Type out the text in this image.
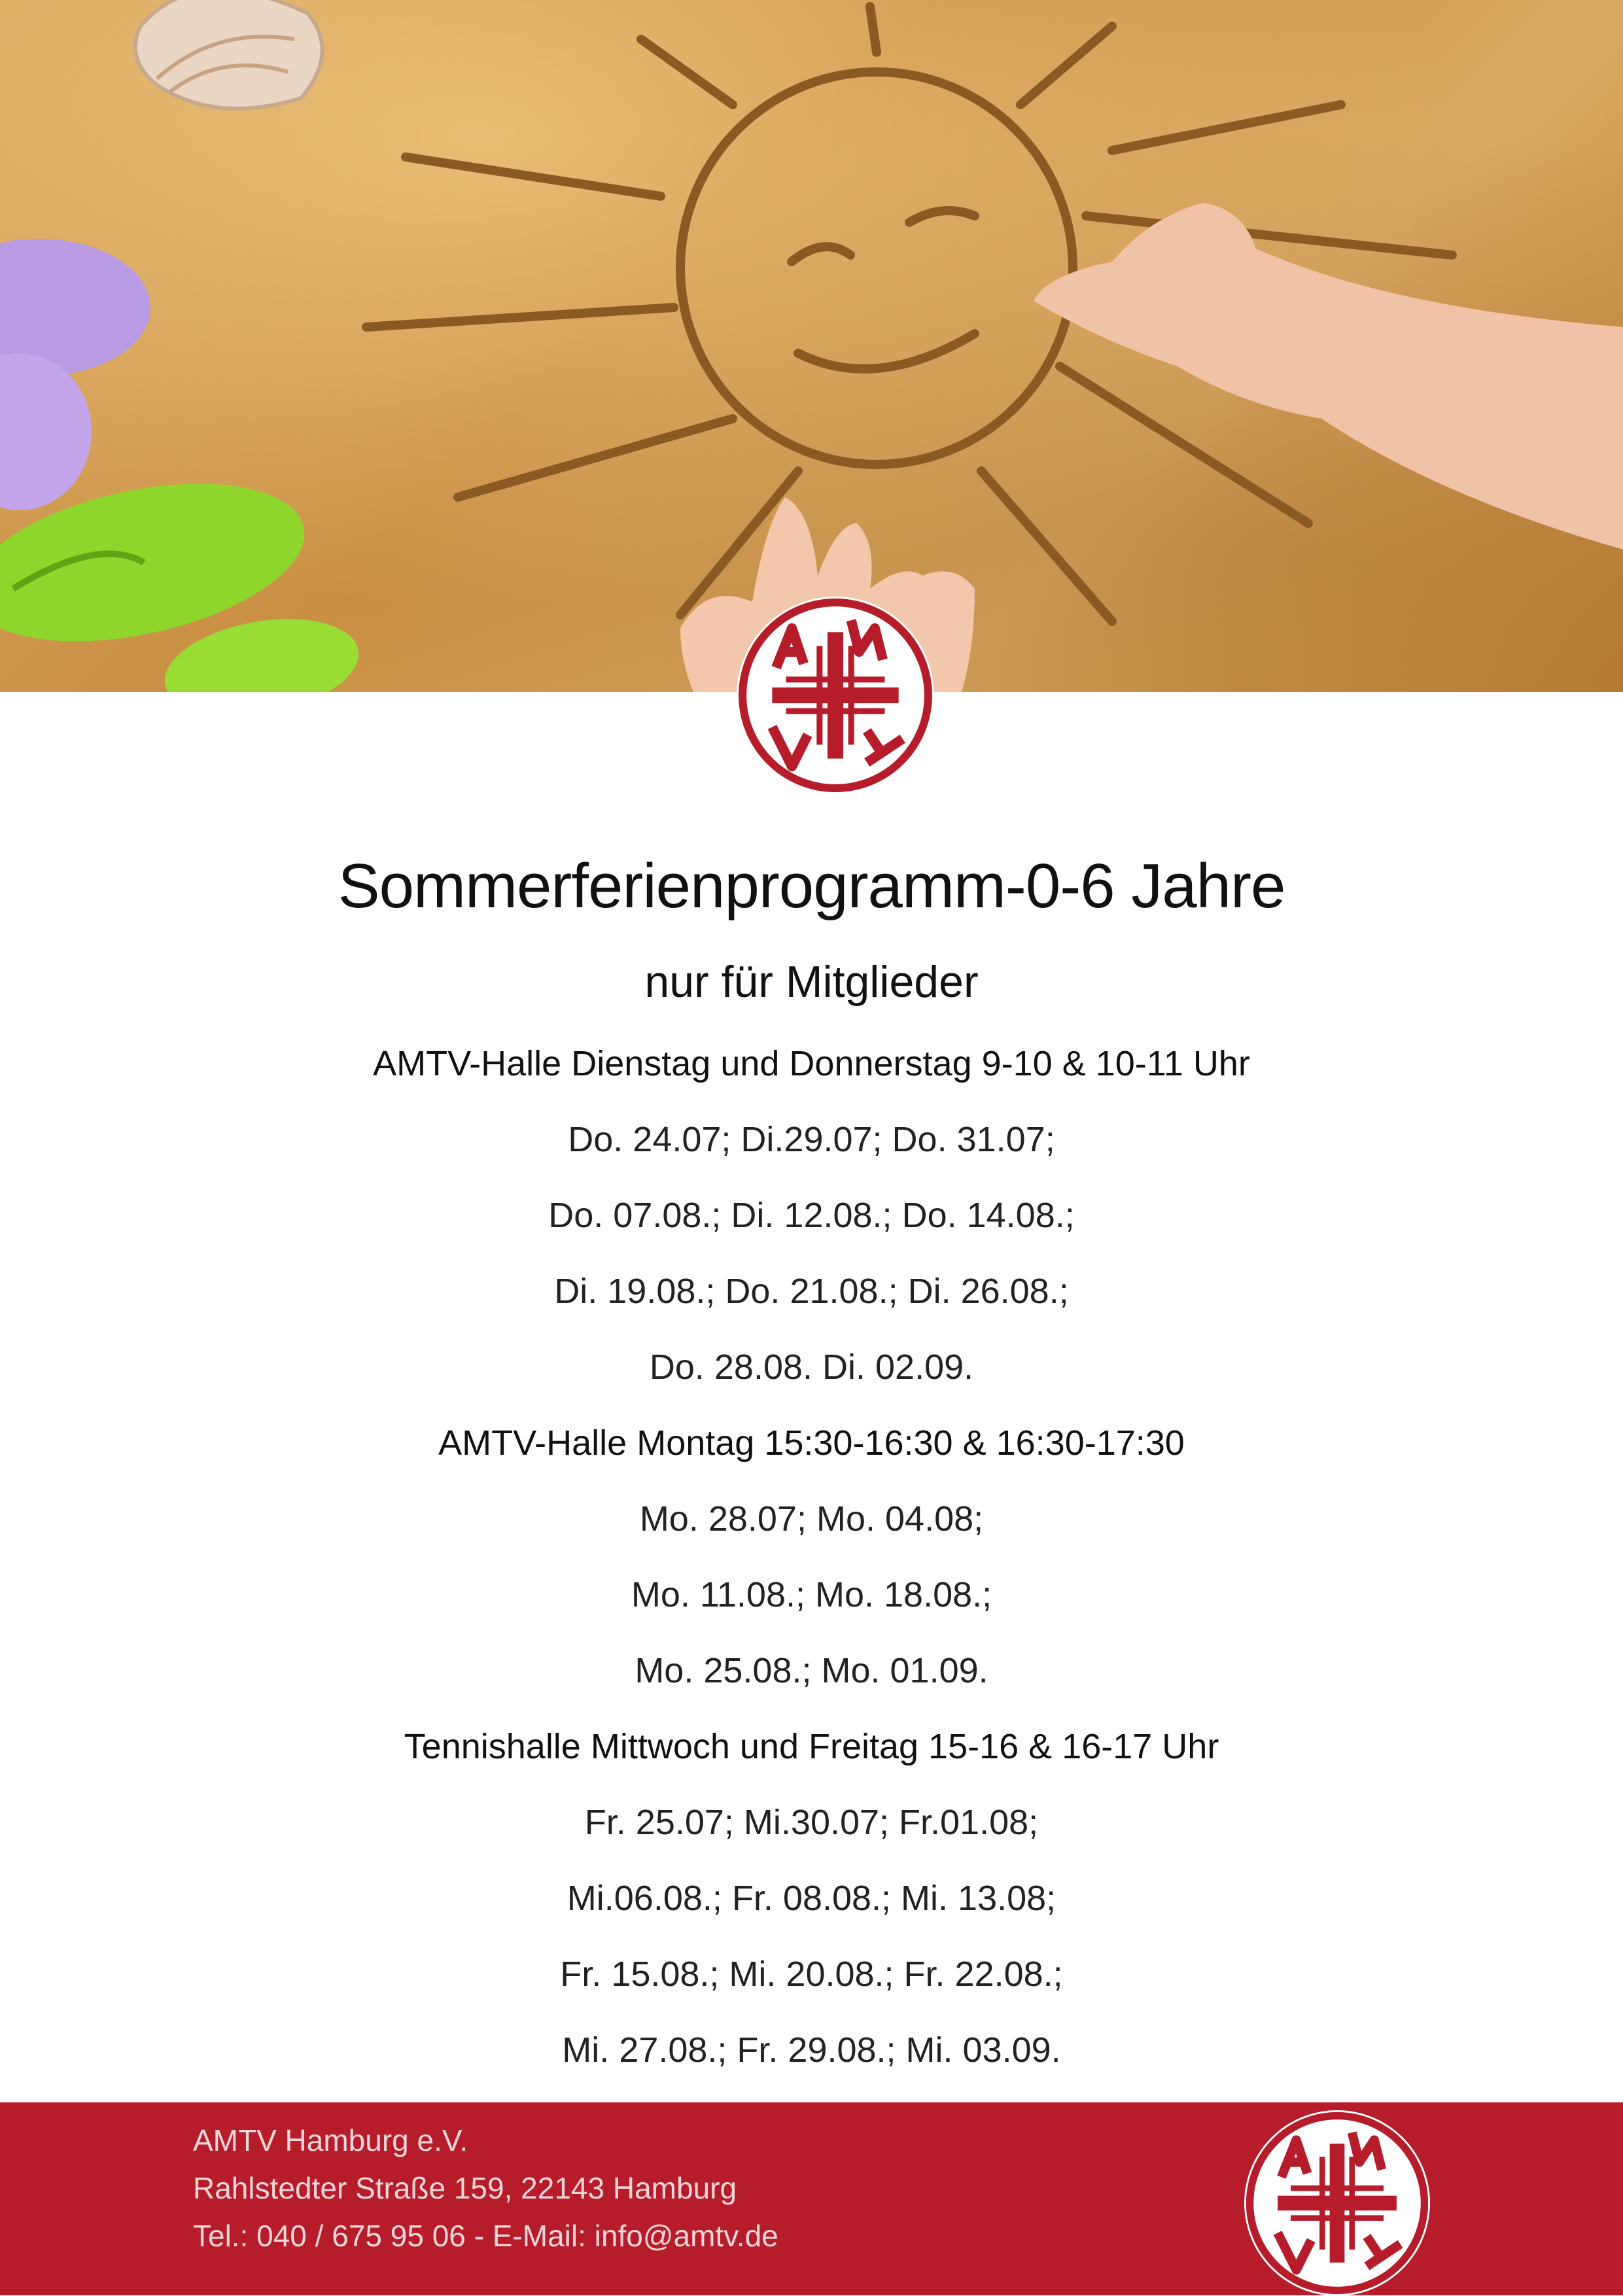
Sommerferienprogramm-0-6 Jahre
nur für Mitglieder
AMTV-Halle Dienstag und Donnerstag 9-10 & 10-11 Uhr
Do. 24.07; Di.29.07; Do. 31.07;
Do. 07.08.; Di. 12.08.; Do. 14.08.;
Di. 19.08.; Do. 21.08.; Di. 26.08.;
Do. 28.08. Di. 02.09.
AMTV-Halle Montag 15:30-16:30 & 16:30-17:30
Mo. 28.07; Mo. 04.08;
Mo. 11.08.; Mo. 18.08.;
Mo. 25.08.; Mo. 01.09.
Tennishalle Mittwoch und Freitag 15-16 & 16-17 Uhr
Fr. 25.07; Mi.30.07; Fr.01.08;
Mi.06.08.; Fr. 08.08.; Mi. 13.08;
Fr. 15.08.; Mi. 20.08.; Fr. 22.08.;
Mi. 27.08.; Fr. 29.08.; Mi. 03.09.
AMTV Hamburg e.V.
Rahlstedter Straße 159, 22143 Hamburg
Tel.: 040 / 675 95 06 - E-Mail: info@amtv.de
